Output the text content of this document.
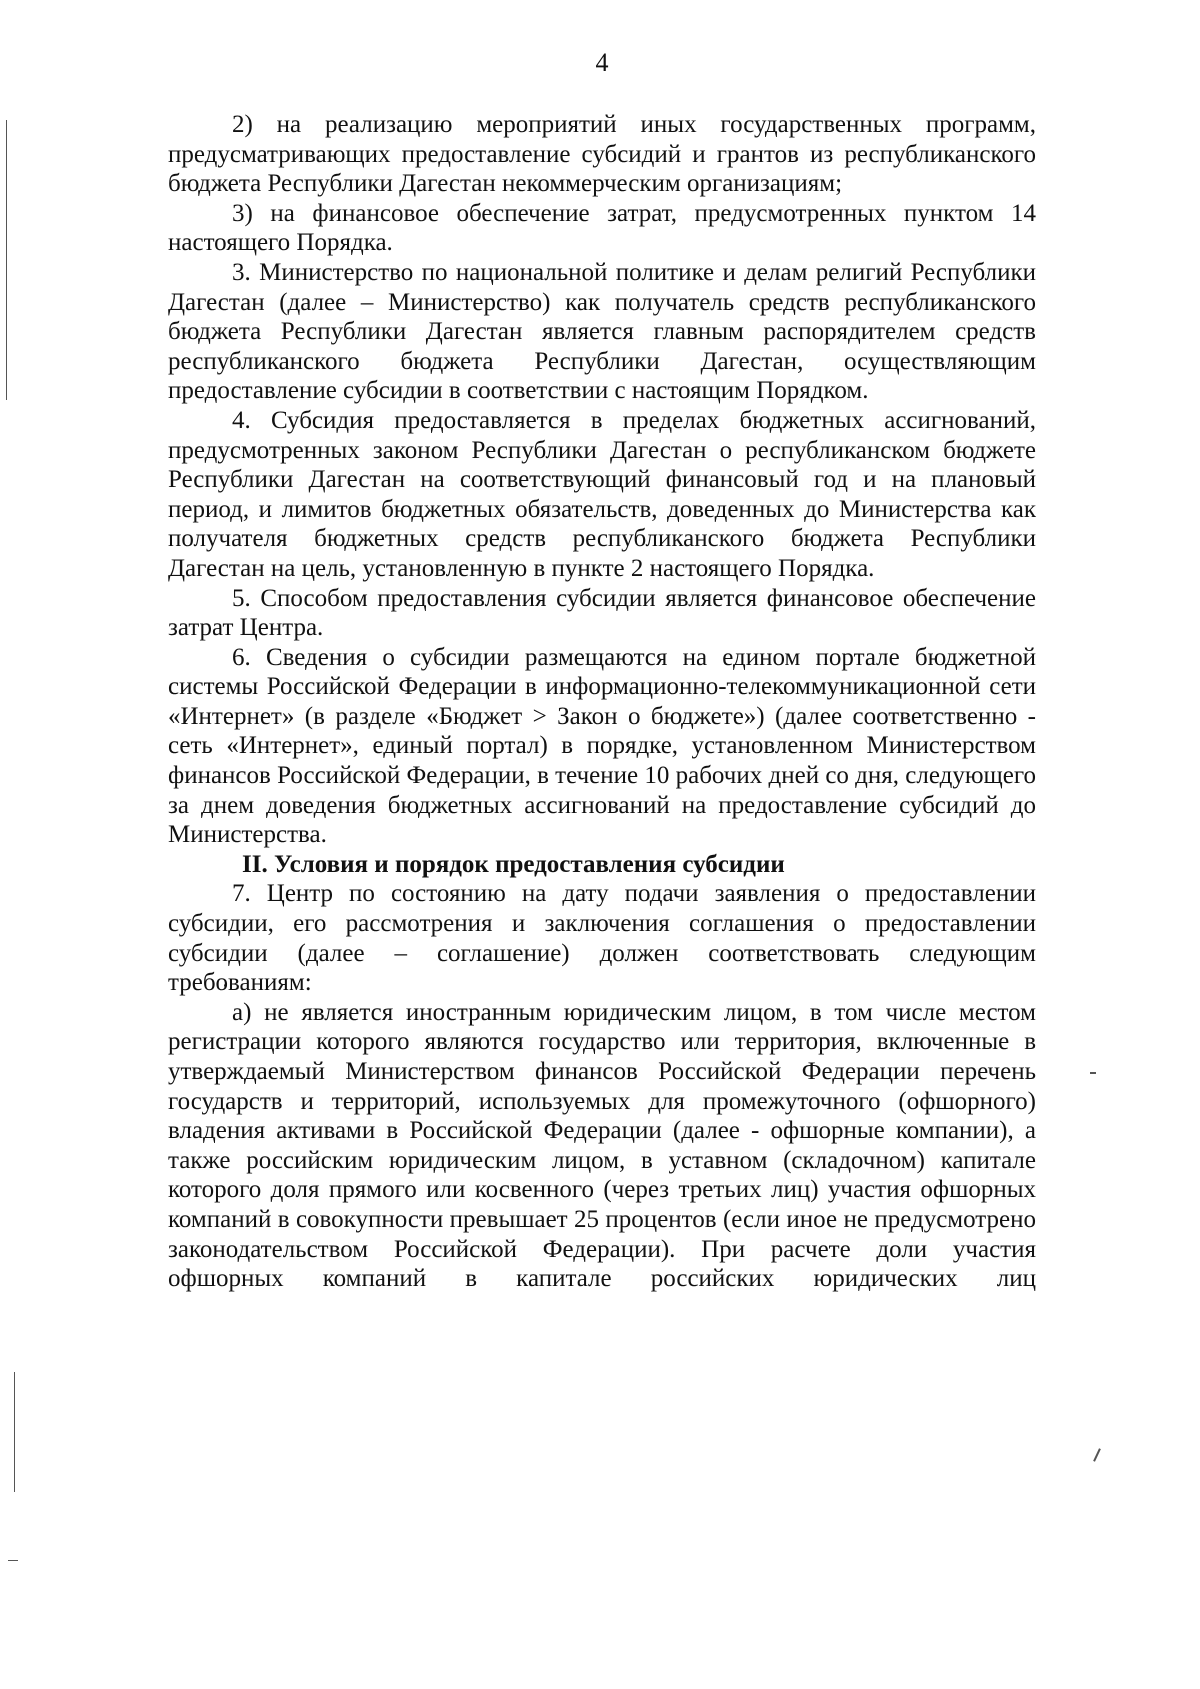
4

2) на реализацию мероприятий иных государственных программ, предусматривающих предоставление субсидий и грантов из республиканского бюджета Республики Дагестан некоммерческим организациям;

3) на финансовое обеспечение затрат, предусмотренных пунктом 14 настоящего Порядка.

3. Министерство по национальной политике и делам религий Республики Дагестан (далее – Министерство) как получатель средств республиканского бюджета Республики Дагестан является главным распорядителем средств республиканского бюджета Республики Дагестан, осуществляющим предоставление субсидии в соответствии с настоящим Порядком.

4. Субсидия предоставляется в пределах бюджетных ассигнований, предусмотренных законом Республики Дагестан о республиканском бюджете Республики Дагестан на соответствующий финансовый год и на плановый период, и лимитов бюджетных обязательств, доведенных до Министерства как получателя бюджетных средств республиканского бюджета Республики Дагестан на цель, установленную в пункте 2 настоящего Порядка.

5. Способом предоставления субсидии является финансовое обеспечение затрат Центра.

6. Сведения о субсидии размещаются на едином портале бюджетной системы Российской Федерации в информационно-телекоммуникационной сети «Интернет» (в разделе «Бюджет > Закон о бюджете») (далее соответственно - сеть «Интернет», единый портал) в порядке, установленном Министерством финансов Российской Федерации, в течение 10 рабочих дней со дня, следующего за днем доведения бюджетных ассигнований на предоставление субсидий до Министерства.

II. Условия и порядок предоставления субсидии

7. Центр по состоянию на дату подачи заявления о предоставлении субсидии, его рассмотрения и заключения соглашения о предоставлении субсидии (далее – соглашение) должен соответствовать следующим требованиям:

а) не является иностранным юридическим лицом, в том числе местом регистрации которого являются государство или территория, включенные в утверждаемый Министерством финансов Российской Федерации перечень государств и территорий, используемых для промежуточного (офшорного) владения активами в Российской Федерации (далее - офшорные компании), а также российским юридическим лицом, в уставном (складочном) капитале которого доля прямого или косвенного (через третьих лиц) участия офшорных компаний в совокупности превышает 25 процентов (если иное не предусмотрено законодательством Российской Федерации). При расчете доли участия офшорных компаний в капитале российских юридических лиц
